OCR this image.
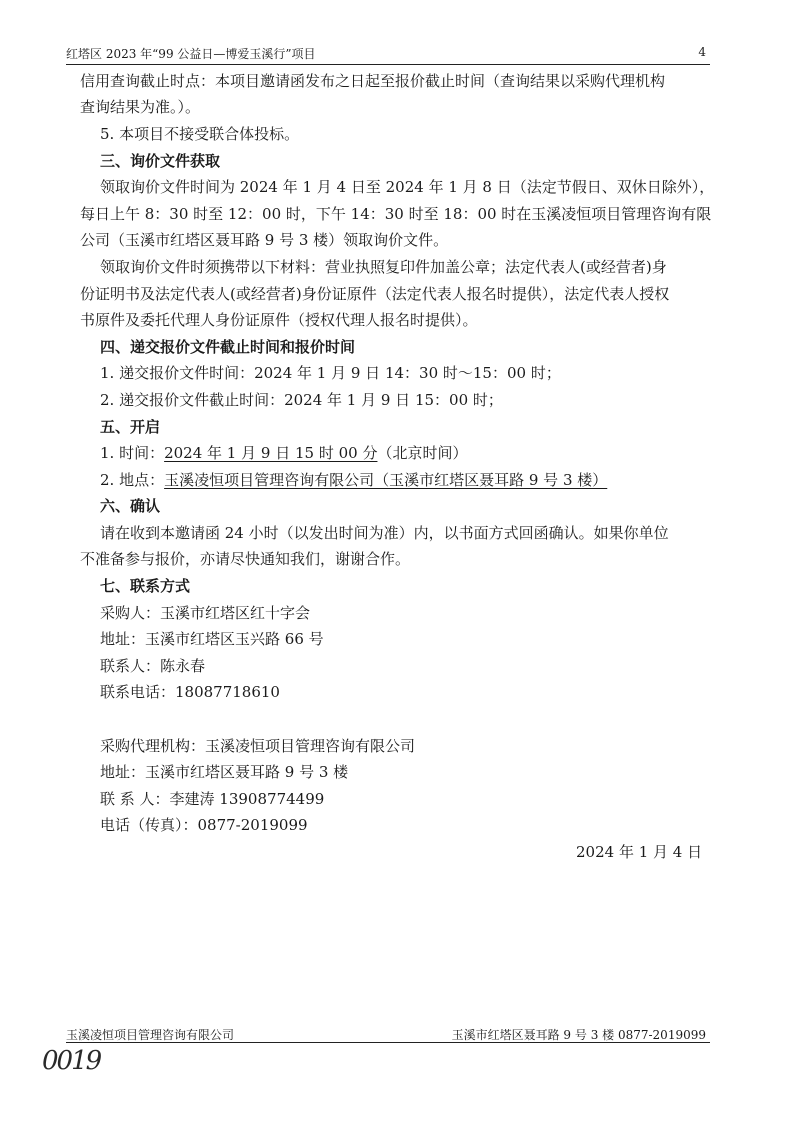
红塔区 2023 年“99 公益日—博爱玉溪行”项目	4
信用查询截止时点：本项目邀请函发布之日起至报价截止时间（查询结果以采购代理机构
查询结果为准。）。
5. 本项目不接受联合体投标。
三、询价文件获取
领取询价文件时间为 2024 年 1 月 4 日至 2024 年 1 月 8 日（法定节假日、双休日除外），
每日上午 8：30 时至 12：00 时，下午 14：30 时至 18：00 时在玉溪凌恒项目管理咨询有限
公司（玉溪市红塔区聂耳路 9 号 3 楼）领取询价文件。
领取询价文件时须携带以下材料：营业执照复印件加盖公章；法定代表人(或经营者)身
份证明书及法定代表人(或经营者)身份证原件（法定代表人报名时提供），法定代表人授权
书原件及委托代理人身份证原件（授权代理人报名时提供）。
四、递交报价文件截止时间和报价时间
1. 递交报价文件时间：2024 年 1 月 9 日 14：30 时～15：00 时；
2. 递交报价文件截止时间：2024 年 1 月 9 日 15：00 时；
五、开启
1. 时间：2024 年 1 月 9 日 15 时 00 分（北京时间）
2. 地点：玉溪凌恒项目管理咨询有限公司（玉溪市红塔区聂耳路 9 号 3 楼）
六、确认
请在收到本邀请函 24 小时（以发出时间为准）内，以书面方式回函确认。如果你单位
不准备参与报价，亦请尽快通知我们，谢谢合作。
七、联系方式
采购人：玉溪市红塔区红十字会
地址：玉溪市红塔区玉兴路 66 号
联系人：陈永春
联系电话：18087718610
采购代理机构：玉溪凌恒项目管理咨询有限公司
地址：玉溪市红塔区聂耳路 9 号 3 楼
联 系 人：李建涛 13908774499
电话（传真）：0877-2019099
2024 年 1 月 4 日
玉溪凌恒项目管理咨询有限公司	玉溪市红塔区聂耳路 9 号 3 楼 0877-2019099
0019
